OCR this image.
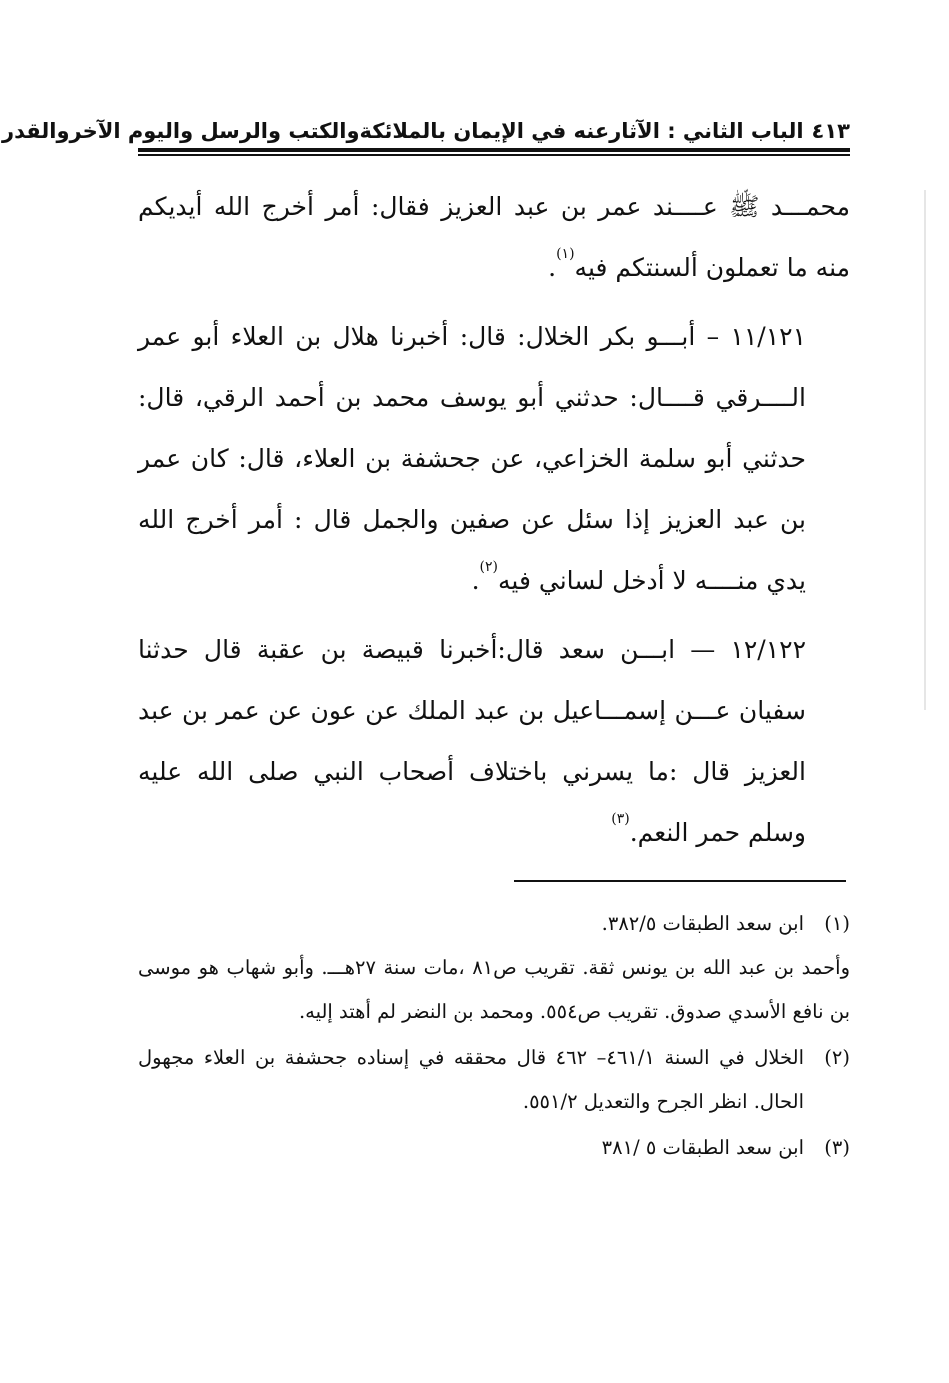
٤١٣
الباب الثاني : الآثارعنه في الإيمان بالملائكةوالكتب والرسل واليوم الآخروالقدر

محمـــد ﷺ عــــند عمر بن عبد العزيز فقال: أمر أخرج الله أيديكم منه ما تعملون ألسنتكم فيه$^{(١)}$.

١١/١٢١ – أبـــو بكر الخلال: قال: أخبرنا هلال بن العلاء أبو عمر الــــرقي قــــال: حدثني أبو يوسف محمد بن أحمد الرقي، قال: حدثني أبو سلمة الخزاعي، عن جحشفة بن العلاء، قال: كان عمر بن عبد العزيز إذا سئل عن صفين والجمل قال : أمر أخرج الله يدي منــــه لا أدخل لساني فيه$^{(٢)}$.

١٢/١٢٢ — ابـــن سعد قال:أخبرنا قبيصة بن عقبة قال حدثنا سفيان عـــن إسمـــاعيل بن عبد الملك عن عون عن عمر بن عبد العزيز قال :ما يسرني باختلاف أصحاب النبي صلى الله عليه وسلم حمر النعم.$^{(٣)}$

(١)

ابن سعد الطبقات ٣٨٢/٥.

وأحمد بن عبد الله بن يونس ثقة. تقريب ص٨١ ،مات سنة ٢٧هـــ. وأبو شهاب هو موسى بن نافع الأسدي صدوق. تقريب ص٥٥٤. ومحمد بن النضر لم أهتد إليه.

(٢)

الخلال في السنة ٤٦١/١– ٤٦٢ قال محققه في إسناده جحشفة بن العلاء مجهول الحال. انظر الجرح والتعديل ٥٥١/٢.

(٣)

ابن سعد الطبقات ٥ /٣٨١
